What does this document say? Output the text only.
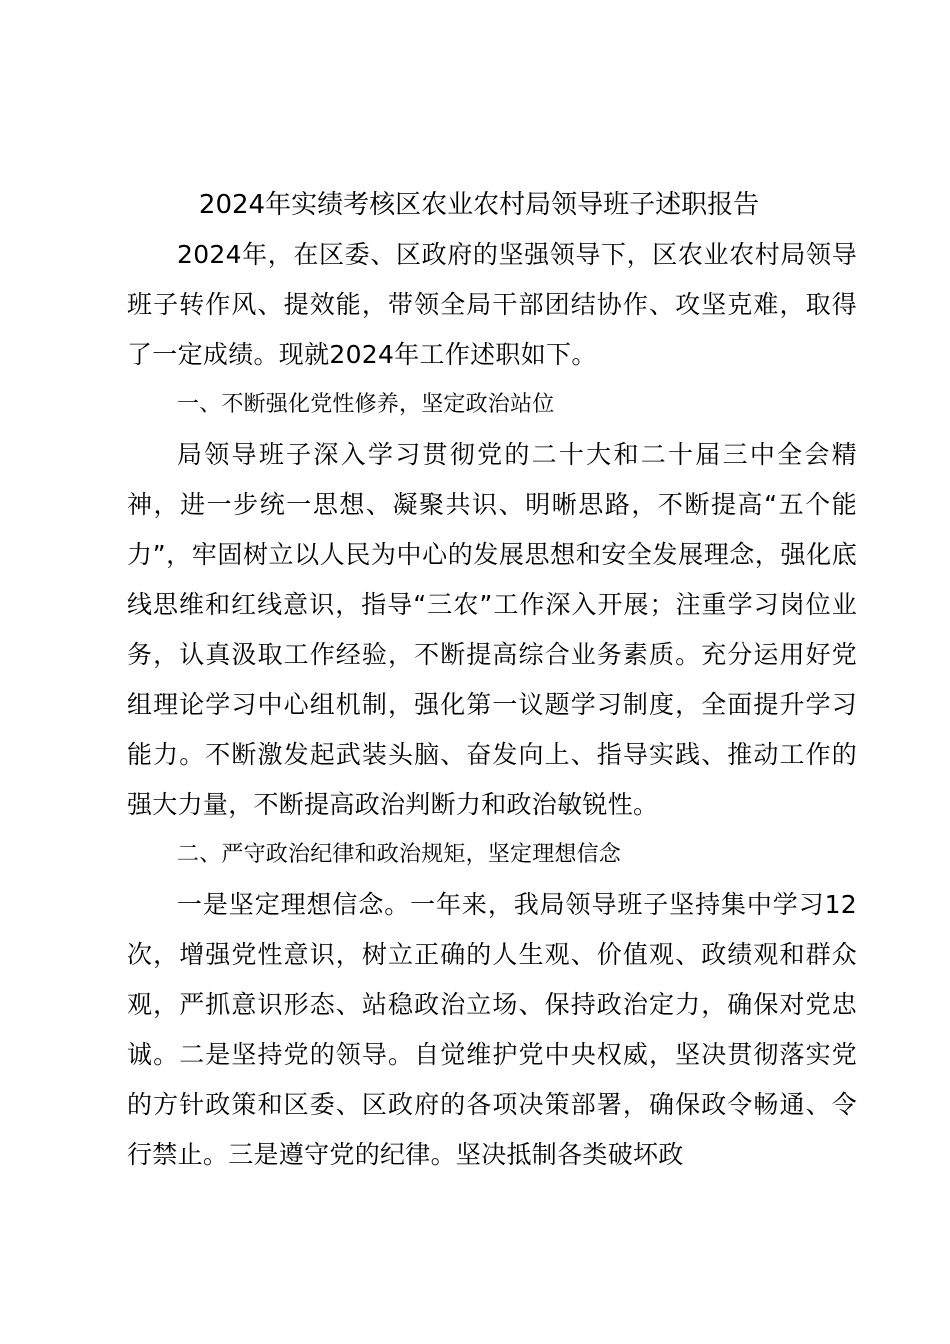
2024年实绩考核区农业农村局领导班子述职报告

2024年，在区委、区政府的坚强领导下，区农业农村局领导班子转作风、提效能，带领全局干部团结协作、攻坚克难，取得了一定成绩。现就2024年工作述职如下。

一、不断强化党性修养，坚定政治站位

局领导班子深入学习贯彻党的二十大和二十届三中全会精神，进一步统一思想、凝聚共识、明晰思路，不断提高“五个能力”，牢固树立以人民为中心的发展思想和安全发展理念，强化底线思维和红线意识，指导“三农”工作深入开展；注重学习岗位业务，认真汲取工作经验，不断提高综合业务素质。充分运用好党组理论学习中心组机制，强化第一议题学习制度，全面提升学习能力。不断激发起武装头脑、奋发向上、指导实践、推动工作的强大力量，不断提高政治判断力和政治敏锐性。

二、严守政治纪律和政治规矩，坚定理想信念

一是坚定理想信念。一年来，我局领导班子坚持集中学习12次，增强党性意识，树立正确的人生观、价值观、政绩观和群众观，严抓意识形态、站稳政治立场、保持政治定力，确保对党忠诚。二是坚持党的领导。自觉维护党中央权威，坚决贯彻落实党的方针政策和区委、区政府的各项决策部署，确保政令畅通、令行禁止。三是遵守党的纪律。坚决抵制各类破坏政
